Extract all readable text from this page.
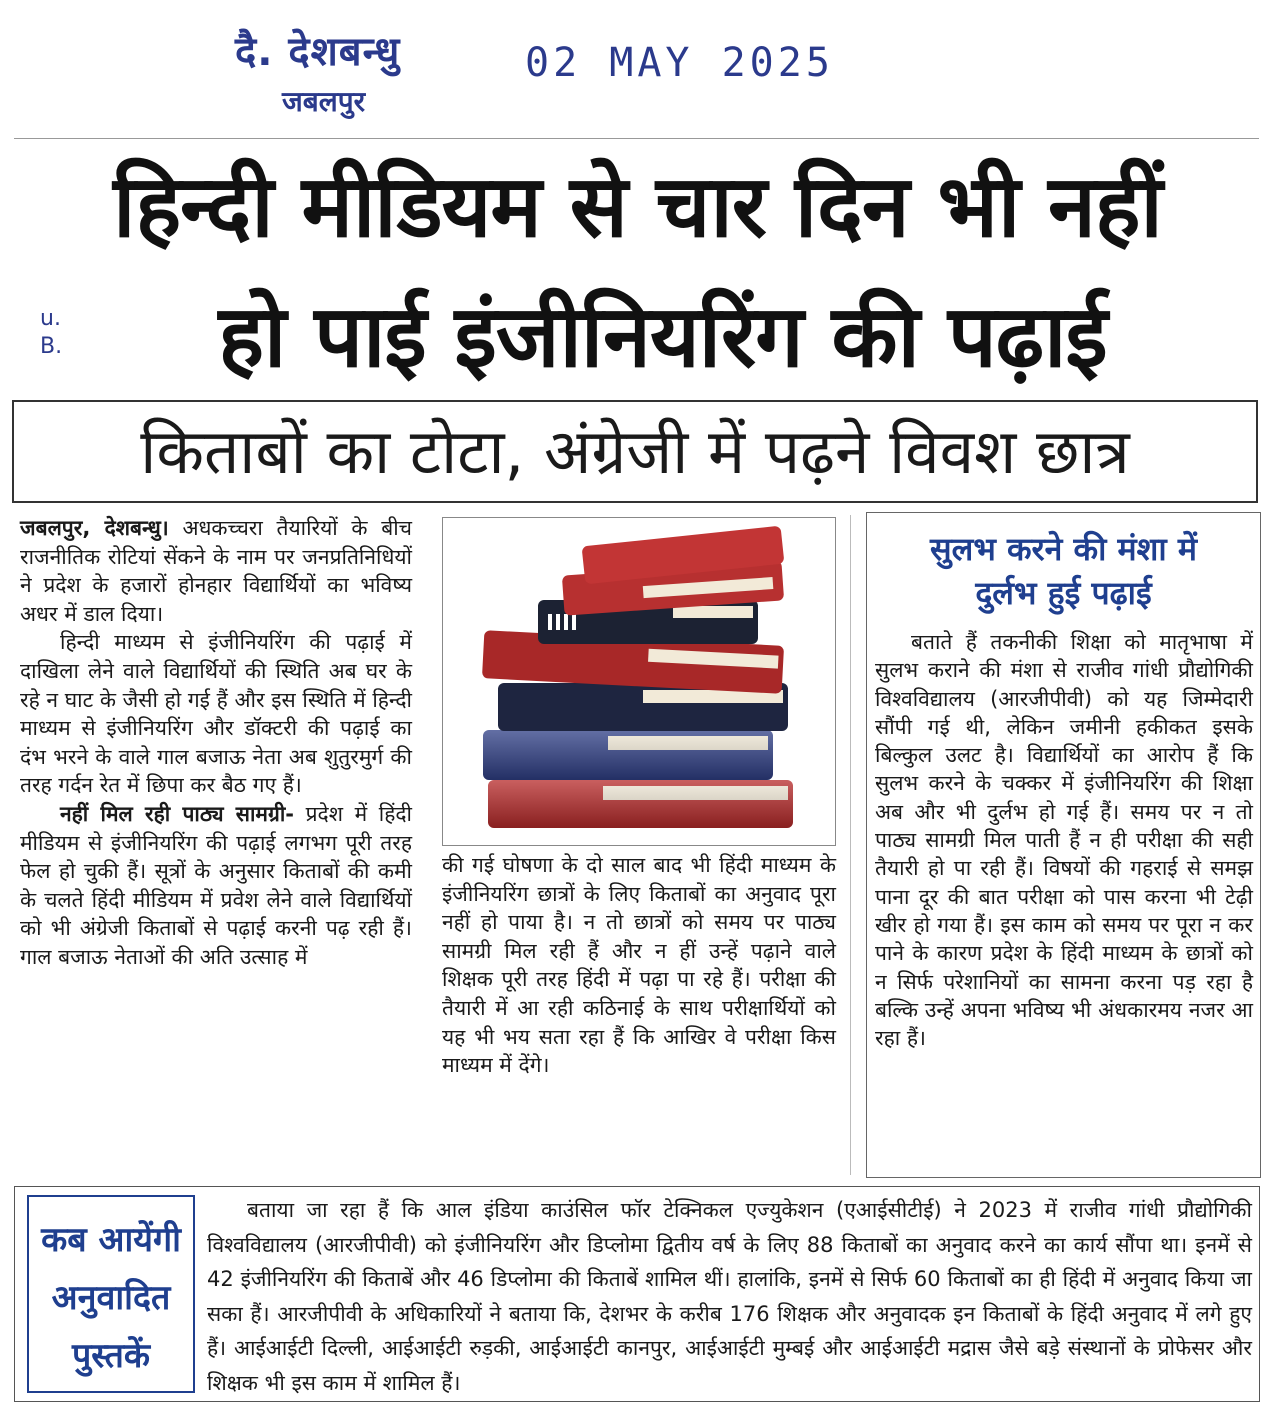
दै. देशबन्धु
जबलपुर
02 MAY 2025
u. B.
हिन्दी मीडियम से चार दिन भी नहीं
हो पाई इंजीनियरिंग की पढ़ाई
किताबों का टोटा, अंग्रेजी में पढ़ने विवश छात्र

जबलपुर, देशबन्धु। अधकच्चरा तैयारियों के बीच राजनीतिक रोटियां सेंकने के नाम पर जनप्रतिनिधियों ने प्रदेश के हजारों होनहार विद्यार्थियों का भविष्य अधर में डाल दिया।

हिन्दी माध्यम से इंजीनियरिंग की पढ़ाई में दाखिला लेने वाले विद्यार्थियों की स्थिति अब घर के रहे न घाट के जैसी हो गई हैं और इस स्थिति में हिन्दी माध्यम से इंजीनियरिंग और डॉक्टरी की पढ़ाई का दंभ भरने के वाले गाल बजाऊ नेता अब शुतुरमुर्ग की तरह गर्दन रेत में छिपा कर बैठ गए हैं।

नहीं मिल रही पाठ्य सामग्री- प्रदेश में हिंदी मीडियम से इंजीनियरिंग की पढ़ाई लगभग पूरी तरह फेल हो चुकी हैं। सूत्रों के अनुसार किताबों की कमी के चलते हिंदी मीडियम में प्रवेश लेने वाले विद्यार्थियों को भी अंग्रेजी किताबों से पढ़ाई करनी पढ़ रही हैं। गाल बजाऊ नेताओं की अति उत्साह में

की गई घोषणा के दो साल बाद भी हिंदी माध्यम के इंजीनियरिंग छात्रों के लिए किताबों का अनुवाद पूरा नहीं हो पाया है। न तो छात्रों को समय पर पाठ्य सामग्री मिल रही हैं और न हीं उन्हें पढ़ाने वाले शिक्षक पूरी तरह हिंदी में पढ़ा पा रहे हैं। परीक्षा की तैयारी में आ रही कठिनाई के साथ परीक्षार्थियों को यह भी भय सता रहा हैं कि आखिर वे परीक्षा किस माध्यम में देंगे।

सुलभ करने की मंशा में
दुर्लभ हुई पढ़ाई

बताते हैं तकनीकी शिक्षा को मातृभाषा में सुलभ कराने की मंशा से राजीव गांधी प्रौद्योगिकी विश्वविद्यालय (आरजीपीवी) को यह जिम्मेदारी सौंपी गई थी, लेकिन जमीनी हकीकत इसके बिल्कुल उलट है। विद्यार्थियों का आरोप हैं कि सुलभ करने के चक्कर में इंजीनियरिंग की शिक्षा अब और भी दुर्लभ हो गई हैं। समय पर न तो पाठ्य सामग्री मिल पाती हैं न ही परीक्षा की सही तैयारी हो पा रही हैं। विषयों की गहराई से समझ पाना दूर की बात परीक्षा को पास करना भी टेढ़ी खीर हो गया हैं। इस काम को समय पर पूरा न कर पाने के कारण प्रदेश के हिंदी माध्यम के छात्रों को न सिर्फ परेशानियों का सामना करना पड़ रहा है बल्कि उन्हें अपना भविष्य भी अंधकारमय नजर आ रहा हैं।

कब आयेंगी
अनुवादित
पुस्तकें

बताया जा रहा हैं कि आल इंडिया काउंसिल फॉर टेक्निकल एज्युकेशन (एआईसीटीई) ने 2023 में राजीव गांधी प्रौद्योगिकी विश्वविद्यालय (आरजीपीवी) को इंजीनियरिंग और डिप्लोमा द्वितीय वर्ष के लिए 88 किताबों का अनुवाद करने का कार्य सौंपा था। इनमें से 42 इंजीनियरिंग की किताबें और 46 डिप्लोमा की किताबें शामिल थीं। हालांकि, इनमें से सिर्फ 60 किताबों का ही हिंदी में अनुवाद किया जा सका हैं। आरजीपीवी के अधिकारियों ने बताया कि, देशभर के करीब 176 शिक्षक और अनुवादक इन किताबों के हिंदी अनुवाद में लगे हुए हैं। आईआईटी दिल्ली, आईआईटी रुड़की, आईआईटी कानपुर, आईआईटी मुम्बई और आईआईटी मद्रास जैसे बड़े संस्थानों के प्रोफेसर और शिक्षक भी इस काम में शामिल हैं।
